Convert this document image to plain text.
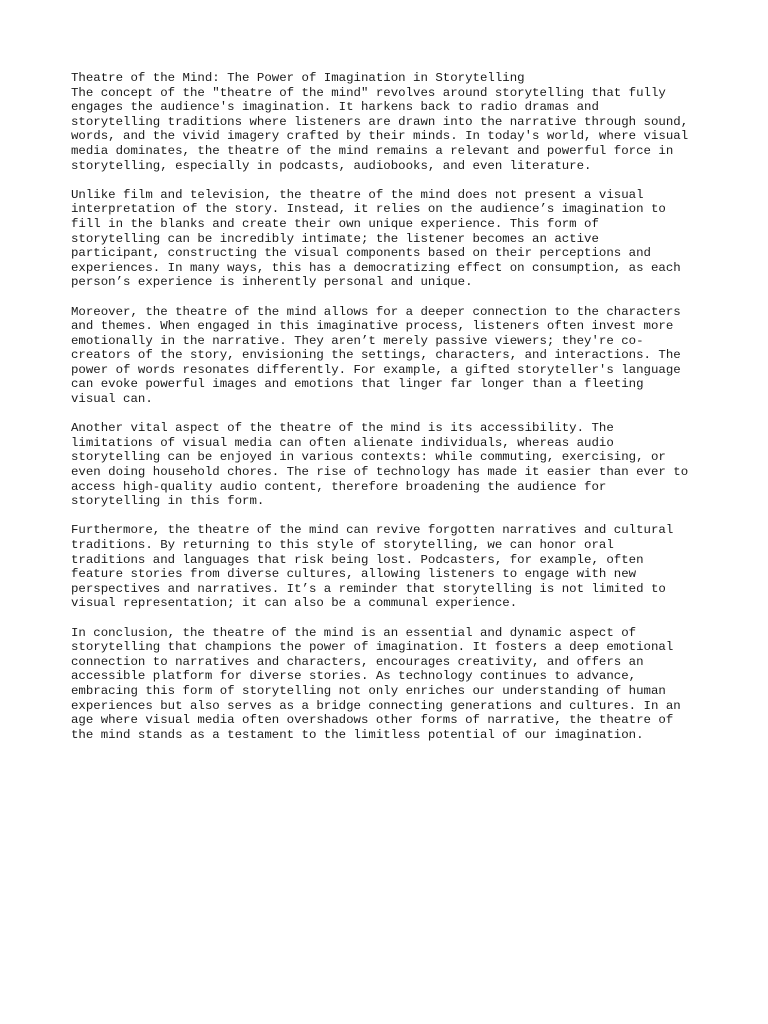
Theatre of the Mind: The Power of Imagination in Storytelling

The concept of the "theatre of the mind" revolves around storytelling that fully
engages the audience's imagination. It harkens back to radio dramas and
storytelling traditions where listeners are drawn into the narrative through sound,
words, and the vivid imagery crafted by their minds. In today's world, where visual
media dominates, the theatre of the mind remains a relevant and powerful force in
storytelling, especially in podcasts, audiobooks, and even literature.

Unlike film and television, the theatre of the mind does not present a visual
interpretation of the story. Instead, it relies on the audience’s imagination to
fill in the blanks and create their own unique experience. This form of
storytelling can be incredibly intimate; the listener becomes an active
participant, constructing the visual components based on their perceptions and
experiences. In many ways, this has a democratizing effect on consumption, as each
person’s experience is inherently personal and unique.

Moreover, the theatre of the mind allows for a deeper connection to the characters
and themes. When engaged in this imaginative process, listeners often invest more
emotionally in the narrative. They aren’t merely passive viewers; they're co-
creators of the story, envisioning the settings, characters, and interactions. The
power of words resonates differently. For example, a gifted storyteller's language
can evoke powerful images and emotions that linger far longer than a fleeting
visual can.

Another vital aspect of the theatre of the mind is its accessibility. The
limitations of visual media can often alienate individuals, whereas audio
storytelling can be enjoyed in various contexts: while commuting, exercising, or
even doing household chores. The rise of technology has made it easier than ever to
access high-quality audio content, therefore broadening the audience for
storytelling in this form.

Furthermore, the theatre of the mind can revive forgotten narratives and cultural
traditions. By returning to this style of storytelling, we can honor oral
traditions and languages that risk being lost. Podcasters, for example, often
feature stories from diverse cultures, allowing listeners to engage with new
perspectives and narratives. It’s a reminder that storytelling is not limited to
visual representation; it can also be a communal experience.

In conclusion, the theatre of the mind is an essential and dynamic aspect of
storytelling that champions the power of imagination. It fosters a deep emotional
connection to narratives and characters, encourages creativity, and offers an
accessible platform for diverse stories. As technology continues to advance,
embracing this form of storytelling not only enriches our understanding of human
experiences but also serves as a bridge connecting generations and cultures. In an
age where visual media often overshadows other forms of narrative, the theatre of
the mind stands as a testament to the limitless potential of our imagination.
